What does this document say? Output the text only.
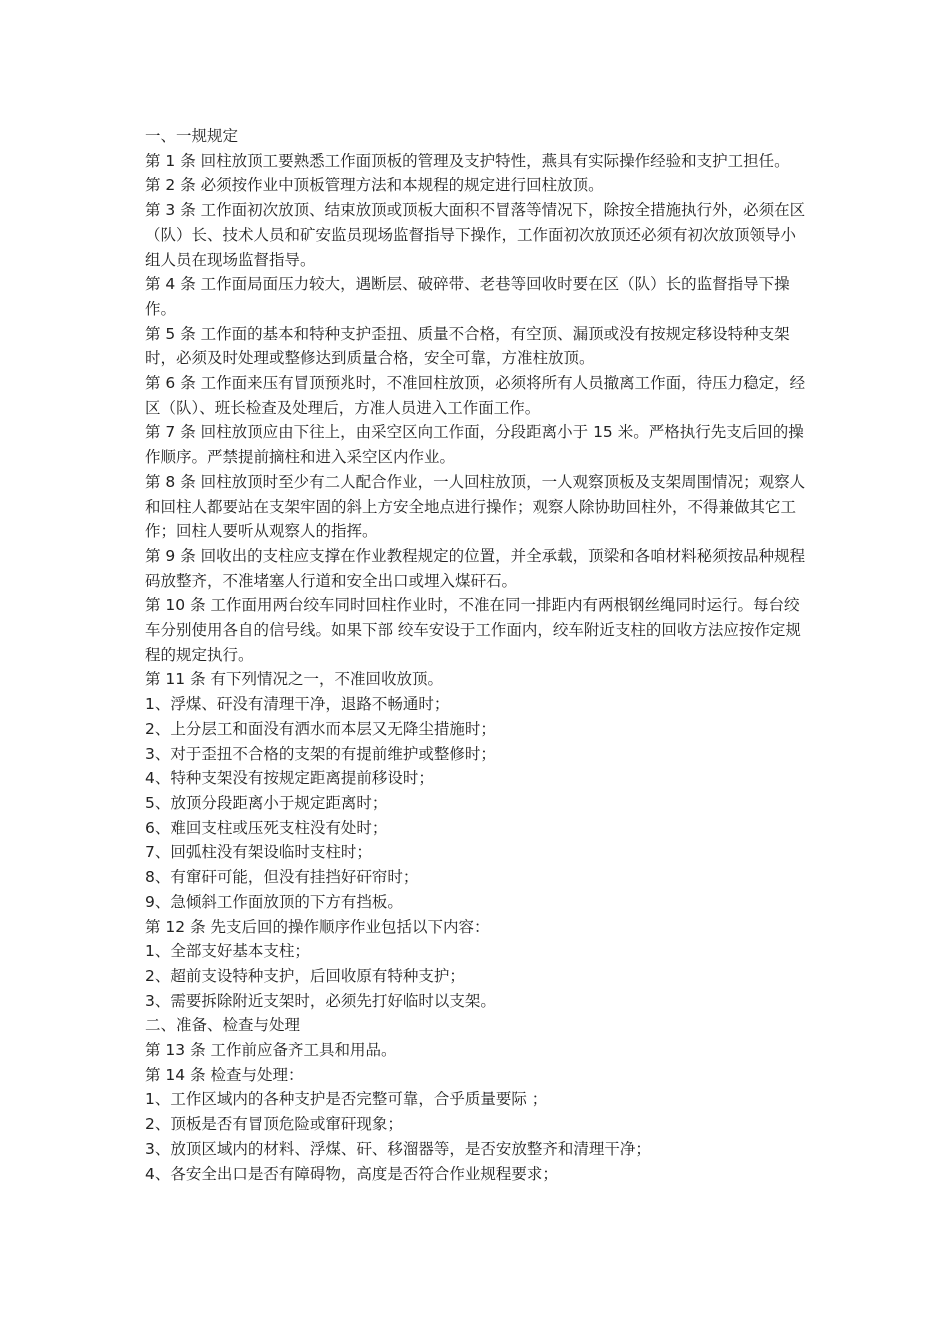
一、一规规定

第 1 条 回柱放顶工要熟悉工作面顶板的管理及支护特性，燕具有实际操作经验和支护工担任。

第 2 条 必须按作业中顶板管理方法和本规程的规定进行回柱放顶。

第 3 条 工作面初次放顶、结束放顶或顶板大面积不冒落等情况下，除按全措施执行外，必须在区（队）长、技术人员和矿安监员现场监督指导下操作，工作面初次放顶还必须有初次放顶领导小组人员在现场监督指导。

第 4 条 工作面局面压力较大，遇断层、破碎带、老巷等回收时要在区（队）长的监督指导下操作。

第 5 条 工作面的基本和特种支护歪扭、质量不合格，有空顶、漏顶或没有按规定移设特种支架时，必须及时处理或整修达到质量合格，安全可靠，方准柱放顶。

第 6 条 工作面来压有冒顶预兆时，不准回柱放顶，必须将所有人员撤离工作面，待压力稳定，经区（队）、班长检查及处理后，方准人员进入工作面工作。

第 7 条 回柱放顶应由下往上，由采空区向工作面，分段距离小于 15 米。严格执行先支后回的操作顺序。严禁提前摘柱和进入采空区内作业。

第 8 条 回柱放顶时至少有二人配合作业，一人回柱放顶，一人观察顶板及支架周围情况；观察人和回柱人都要站在支架牢固的斜上方安全地点进行操作；观察人除协助回柱外，不得兼做其它工作；回柱人要听从观察人的指挥。

第 9 条 回收出的支柱应支撑在作业教程规定的位置，并全承载，顶梁和各咱材料秘须按品种规程码放整齐，不准堵塞人行道和安全出口或埋入煤矸石。

第 10 条 工作面用两台绞车同时回柱作业时，不准在同一排距内有两根钢丝绳同时运行。每台绞车分别使用各自的信号线。如果下部 绞车安设于工作面内，绞车附近支柱的回收方法应按作定规程的规定执行。

第 11 条 有下列情况之一，不准回收放顶。

1、浮煤、矸没有清理干净，退路不畅通时；

2、上分层工和面没有洒水而本层又无降尘措施时；

3、对于歪扭不合格的支架的有提前维护或整修时；

4、特种支架没有按规定距离提前移设时；

5、放顶分段距离小于规定距离时；

6、难回支柱或压死支柱没有处时；

7、回弧柱没有架设临时支柱时；

8、有窜矸可能，但没有挂挡好矸帘时；

9、急倾斜工作面放顶的下方有挡板。

第 12 条 先支后回的操作顺序作业包括以下内容：

1、全部支好基本支柱；

2、超前支设特种支护，后回收原有特种支护；

3、需要拆除附近支架时，必须先打好临时以支架。

二、准备、检查与处理

第 13 条 工作前应备齐工具和用品。

第 14 条 检查与处理：

1、工作区域内的各种支护是否完整可靠，合乎质量要际 ；

2、顶板是否有冒顶危险或窜矸现象；

3、放顶区域内的材料、浮煤、矸、移溜器等，是否安放整齐和清理干净；

4、各安全出口是否有障碍物，高度是否符合作业规程要求；
